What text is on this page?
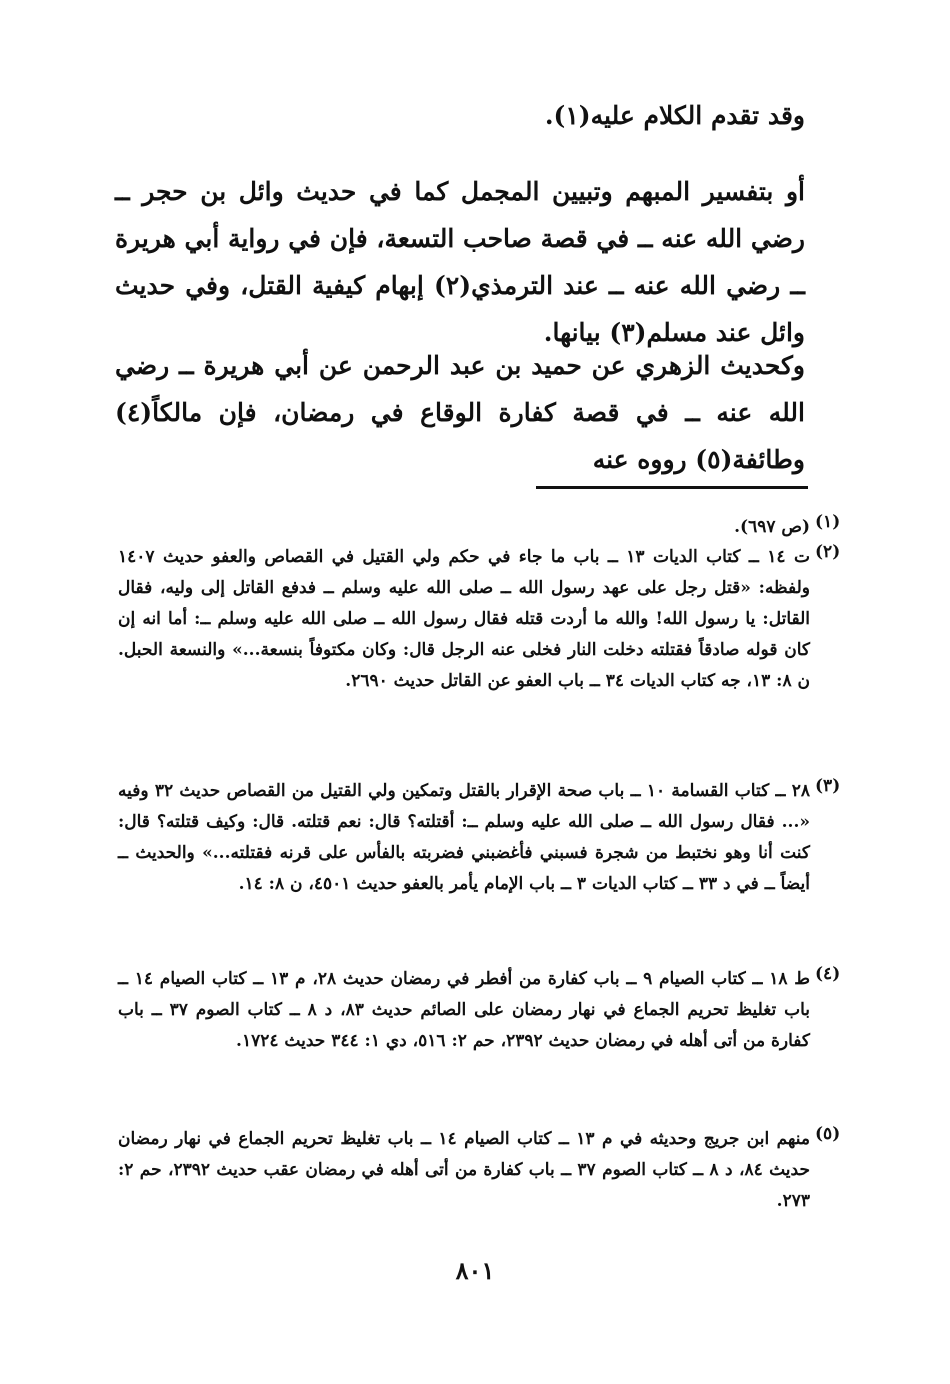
وقد تقدم الكلام عليه(١).

أو بتفسير المبهم وتبيين المجمل كما في حديث وائل بن حجر ــ رضي الله عنه ــ في قصة صاحب التسعة، فإن في رواية أبي هريرة ــ رضي الله عنه ــ عند الترمذي(٢) إبهام كيفية القتل، وفي حديث وائل عند مسلم(٣) بيانها.

وكحديث الزهري عن حميد بن عبد الرحمن عن أبي هريرة ــ رضي الله عنه ــ في قصة كفارة الوقاع في رمضان، فإن مالكاً(٤) وطائفة(٥) رووه عنه

(١)
(ص ٦٩٧).
(٢)
ت ١٤ ــ كتاب الديات ١٣ ــ باب ما جاء في حكم ولي القتيل في القصاص والعفو حديث ١٤٠٧ ولفظه: «قتل رجل على عهد رسول الله ــ صلى الله عليه وسلم ــ فدفع القاتل إلى وليه، فقال القاتل: يا رسول الله! والله ما أردت قتله فقال رسول الله ــ صلى الله عليه وسلم ــ: أما انه إن كان قوله صادقاً فقتلته دخلت النار فخلى عنه الرجل قال: وكان مكتوفاً بنسعة...» والنسعة الحبل. ن ٨: ١٣، جه كتاب الديات ٣٤ ــ باب العفو عن القاتل حديث ٢٦٩٠.
(٣)
٢٨ ــ كتاب القسامة ١٠ ــ باب صحة الإقرار بالقتل وتمكين ولي القتيل من القصاص حديث ٣٢ وفيه «... فقال رسول الله ــ صلى الله عليه وسلم ــ: أقتلته؟ قال: نعم قتلته. قال: وكيف قتلته؟ قال: كنت أنا وهو نختبط من شجرة فسبني فأغضبني فضربته بالفأس على قرنه فقتلته...» والحديث ــ أيضاً ــ في د ٣٣ ــ كتاب الديات ٣ ــ باب الإمام يأمر بالعفو حديث ٤٥٠١، ن ٨: ١٤.
(٤)
ط ١٨ ــ كتاب الصيام ٩ ــ باب كفارة من أفطر في رمضان حديث ٢٨، م ١٣ ــ كتاب الصيام ١٤ ــ باب تغليظ تحريم الجماع في نهار رمضان على الصائم حديث ٨٣، د ٨ ــ كتاب الصوم ٣٧ ــ باب كفارة من أتى أهله في رمضان حديث ٢٣٩٢، حم ٢: ٥١٦، دي ١: ٣٤٤ حديث ١٧٢٤.
(٥)
منهم ابن جريج وحديثه في م ١٣ ــ كتاب الصيام ١٤ ــ باب تغليظ تحريم الجماع في نهار رمضان حديث ٨٤، د ٨ ــ كتاب الصوم ٣٧ ــ باب كفارة من أتى أهله في رمضان عقب حديث ٢٣٩٢، حم ٢: ٢٧٣.
٨٠١
